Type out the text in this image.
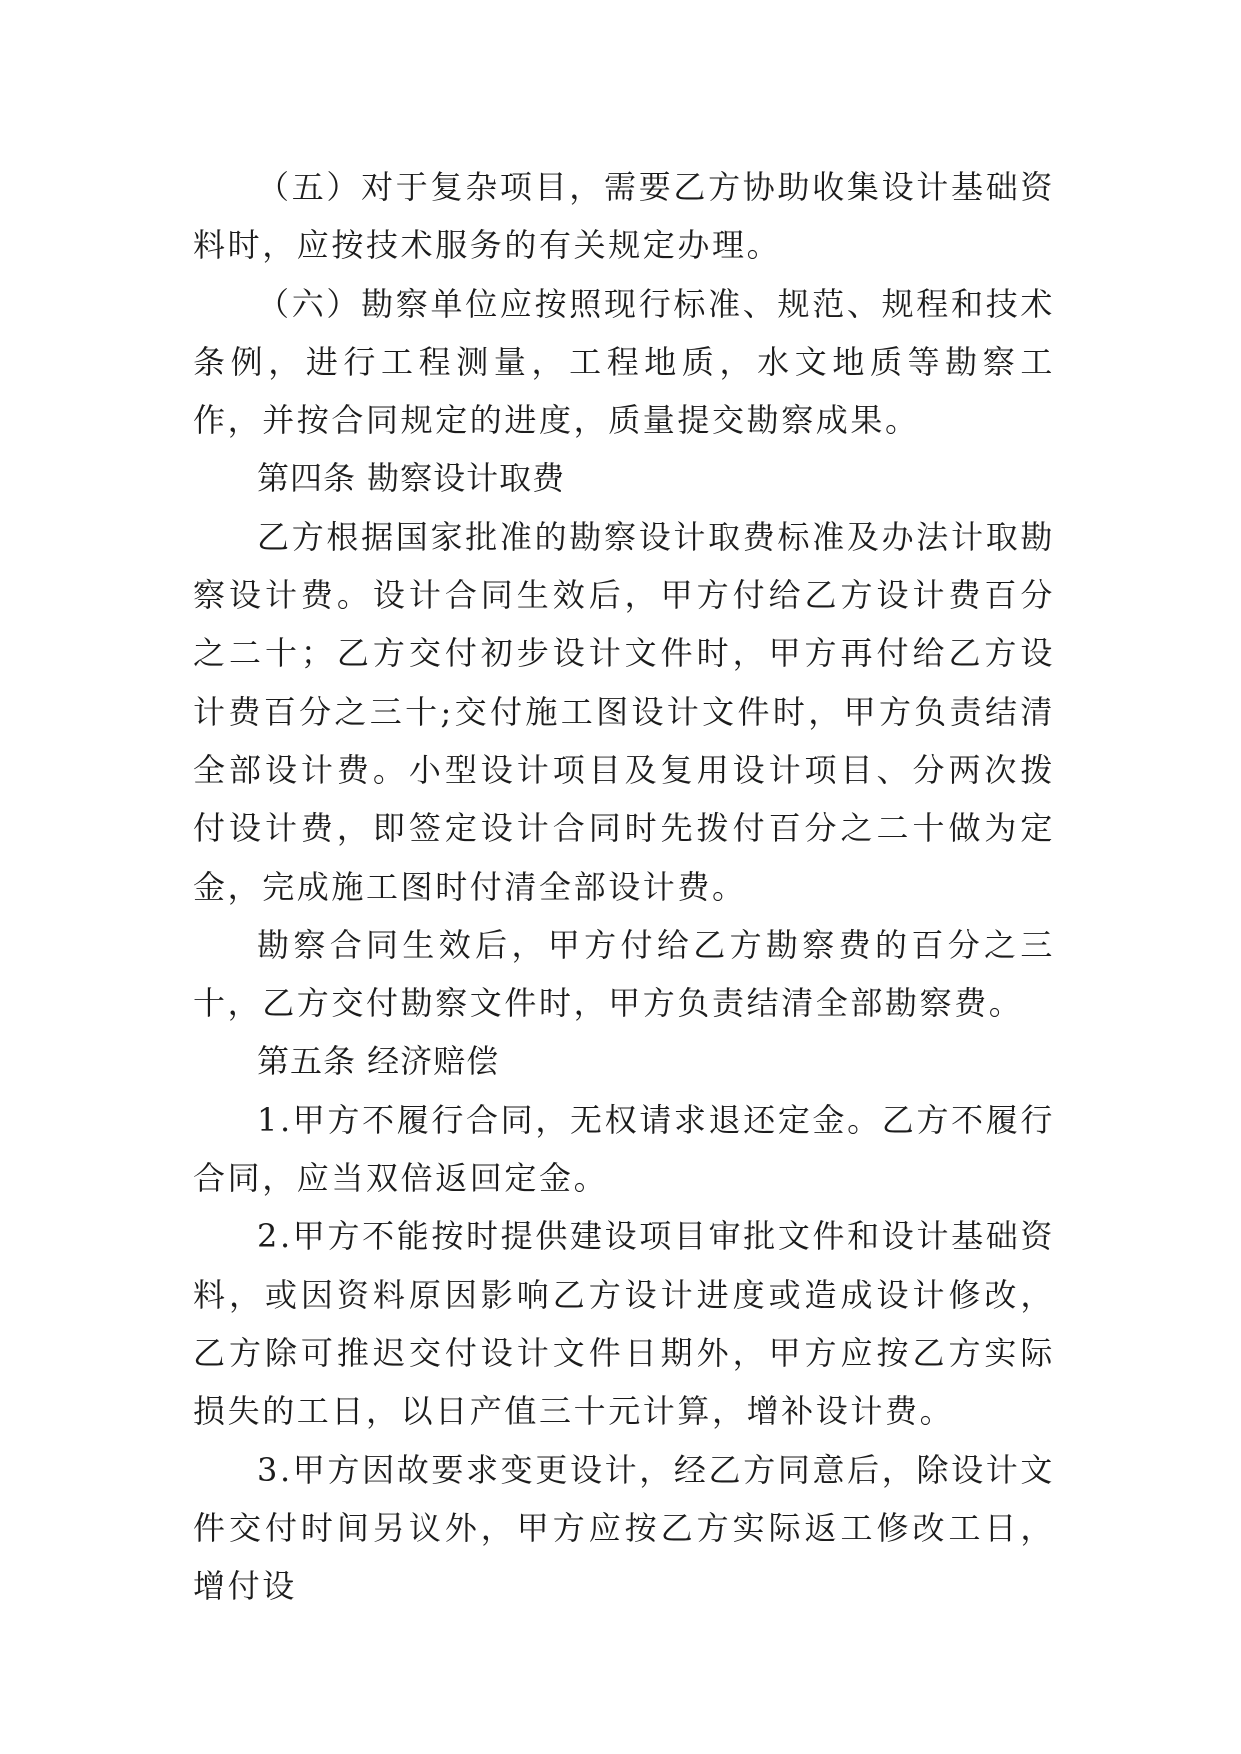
（五）对于复杂项目，需要乙方协助收集设计基础资料时，应按技术服务的有关规定办理。

（六）勘察单位应按照现行标准、规范、规程和技术条例，进行工程测量，工程地质，水文地质等勘察工作，并按合同规定的进度，质量提交勘察成果。

第四条 勘察设计取费

乙方根据国家批准的勘察设计取费标准及办法计取勘察设计费。设计合同生效后，甲方付给乙方设计费百分之二十；乙方交付初步设计文件时，甲方再付给乙方设计费百分之三十;交付施工图设计文件时，甲方负责结清全部设计费。小型设计项目及复用设计项目、分两次拨付设计费，即签定设计合同时先拨付百分之二十做为定金，完成施工图时付清全部设计费。

勘察合同生效后，甲方付给乙方勘察费的百分之三十，乙方交付勘察文件时，甲方负责结清全部勘察费。

第五条 经济赔偿

1.甲方不履行合同，无权请求退还定金。乙方不履行合同，应当双倍返回定金。

2.甲方不能按时提供建设项目审批文件和设计基础资料，或因资料原因影响乙方设计进度或造成设计修改，乙方除可推迟交付设计文件日期外，甲方应按乙方实际损失的工日，以日产值三十元计算，增补设计费。

3.甲方因故要求变更设计，经乙方同意后，除设计文件交付时间另议外，甲方应按乙方实际返工修改工日，增付设
